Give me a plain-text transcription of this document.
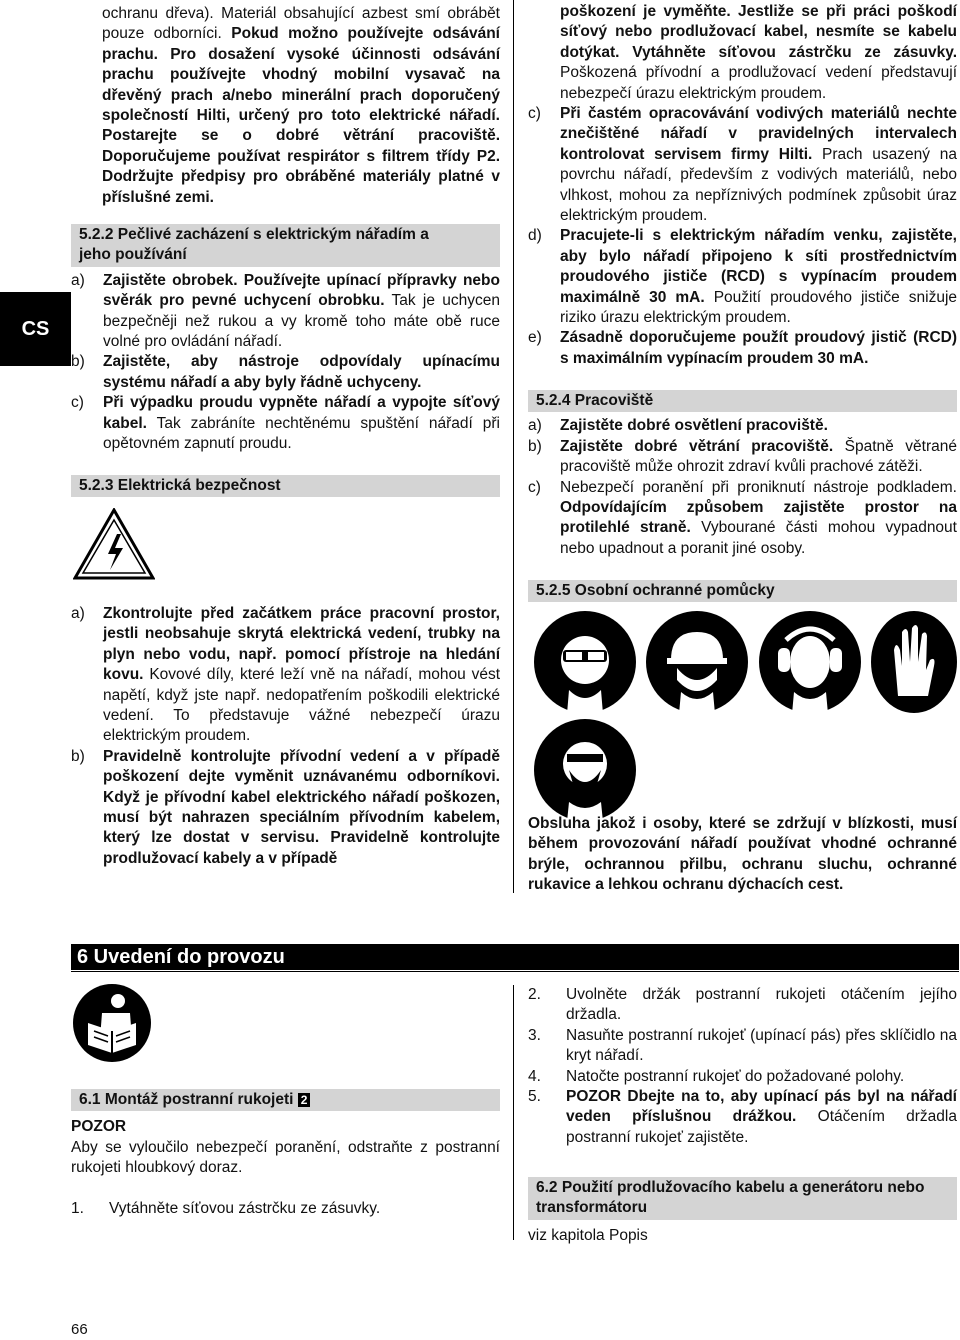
CS

ochranu dřeva). Materiál obsahující azbest smí obrábět pouze odborníci. Pokud možno používejte odsávání prachu. Pro dosažení vysoké účinnosti odsávání prachu používejte vhodný mobilní vysavač na dřevěný prach a/nebo minerální prach doporučený společností Hilti, určený pro toto elektrické nářadí. Postarejte se o dobré větrání pracoviště. Doporučujeme používat respirátor s filtrem třídy P2. Dodržujte předpisy pro obráběné materiály platné v příslušné zemi.

5.2.2 Pečlivé zacházení s elektrickým nářadím a jeho používání
a)	Zajistěte obrobek. Používejte upínací přípravky nebo svěrák pro pevné uchycení obrobku. Tak je uchycen bezpečněji než rukou a vy kromě toho máte obě ruce volné pro ovládání nářadí.
b)	Zajistěte, aby nástroje odpovídaly upínacímu systému nářadí a aby byly řádně uchyceny.
c)	Při výpadku proudu vypněte nářadí a vypojte síťový kabel. Tak zabráníte nechtěnému spuštění nářadí při opětovném zapnutí proudu.
5.2.3 Elektrická bezpečnost
a)	Zkontrolujte před začátkem práce pracovní prostor, jestli neobsahuje skrytá elektrická vedení, trubky na plyn nebo vodu, např. pomocí přístroje na hledání kovu. Kovové díly, které leží vně na nářadí, mohou vést napětí, když jste např. nedopatřením poškodili elektrické vedení. To představuje vážné nebezpečí úrazu elektrickým proudem.
b)	Pravidelně kontrolujte přívodní vedení a v případě poškození dejte vyměnit uznávanému odborníkovi. Když je přívodní kabel elektrického nářadí poškozen, musí být nahrazen speciálním přívodním kabelem, který lze dostat v servisu. Pravidelně kontrolujte prodlužovací kabely a v případě

poškození je vyměňte. Jestliže se při práci poškodí síťový nebo prodlužovací kabel, nesmíte se kabelu dotýkat. Vytáhněte síťovou zástrčku ze zásuvky. Poškozená přívodní a prodlužovací vedení představují nebezpečí úrazu elektrickým proudem.

c)	Při častém opracovávání vodivých materiálů nechte znečištěné nářadí v pravidelných intervalech kontrolovat servisem firmy Hilti. Prach usazený na povrchu nářadí, především z vodivých materiálů, nebo vlhkost, mohou za nepříznivých podmínek způsobit úraz elektrickým proudem.
d)	Pracujete-li s elektrickým nářadím venku, zajistěte, aby bylo nářadí připojeno k síti prostřednictvím proudového jističe (RCD) s vypínacím proudem maximálně 30 mA. Použití proudového jističe snižuje riziko úrazu elektrickým proudem.
e)	Zásadně doporučujeme použít proudový jistič (RCD) s maximálním vypínacím proudem 30 mA.
5.2.4 Pracoviště
a)	Zajistěte dobré osvětlení pracoviště.
b)	Zajistěte dobré větrání pracoviště. Špatně větrané pracoviště může ohrozit zdraví kvůli prachové zátěži.
c)	Nebezpečí poranění při proniknutí nástroje podkladem. Odpovídajícím způsobem zajistěte prostor na protilehlé straně. Vybourané části mohou vypadnout nebo upadnout a poranit jiné osoby.
5.2.5 Osobní ochranné pomůcky

Obsluha jakož i osoby, které se zdržují v blízkosti, musí během provozování nářadí používat vhodné ochranné brýle, ochrannou přilbu, ochranu sluchu, ochranné rukavice a lehkou ochranu dýchacích cest.

6 Uvedení do provozu
6.1 Montáž postranní rukojeti 2

POZOR

Aby se vyloučilo nebezpečí poranění, odstraňte z postranní rukojeti hloubkový doraz.

1.	Vytáhněte síťovou zástrčku ze zásuvky.
2.	Uvolněte držák postranní rukojeti otáčením jejího držadla.
3.	Nasuňte postranní rukojeť (upínací pás) přes sklíčidlo na kryt nářadí.
4.	Natočte postranní rukojeť do požadované polohy.
5.	POZOR Dbejte na to, aby upínací pás byl na nářadí veden příslušnou drážkou. Otáčením držadla postranní rukojeť zajistěte.
6.2 Použití prodlužovacího kabelu a generátoru nebo transformátoru

viz kapitola Popis

66
